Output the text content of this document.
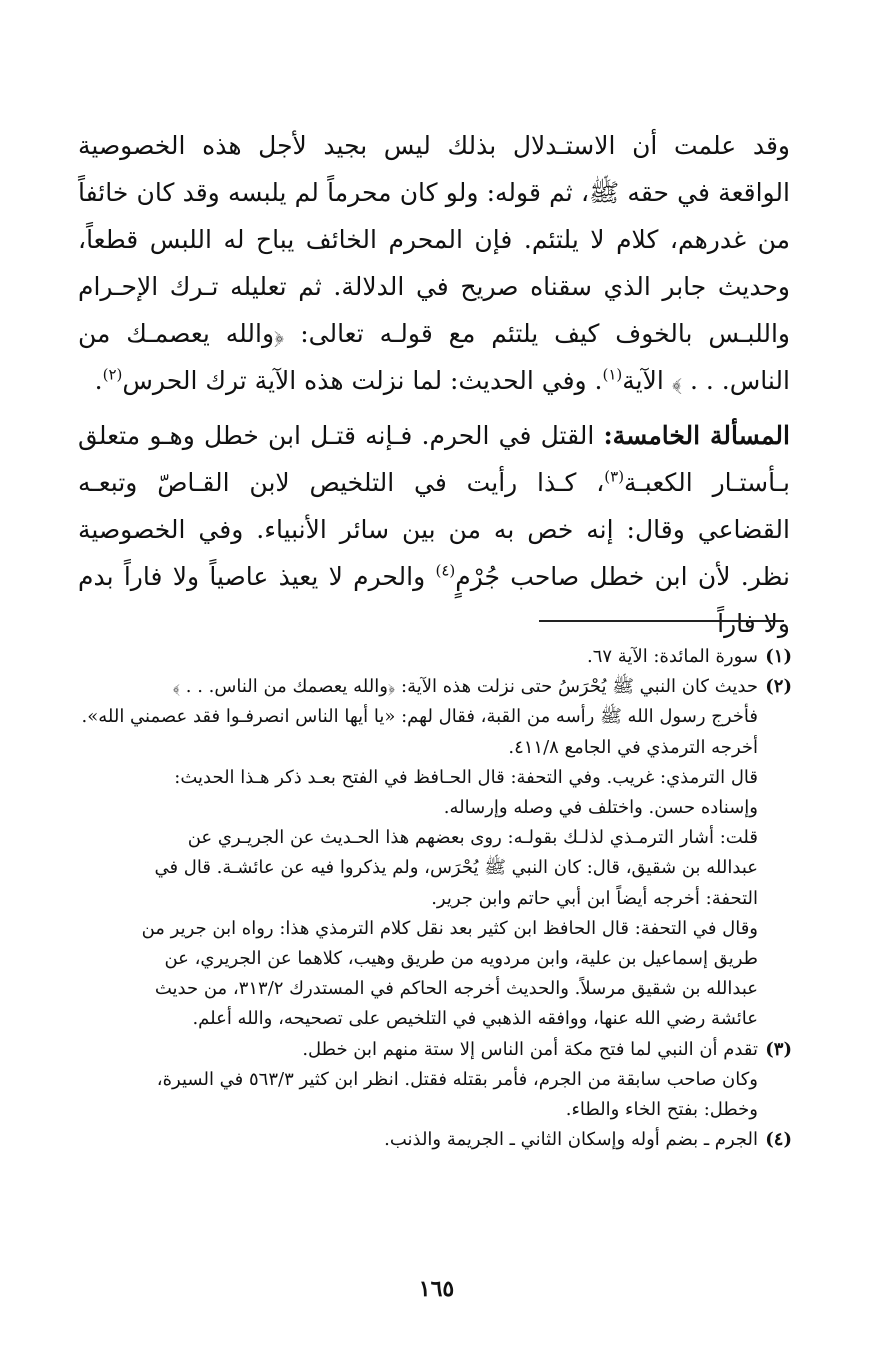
وقد علمت أن الاستـدلال بذلك ليس بجيد لأجل هذه الخصوصية الواقعة في حقه ﷺ، ثم قوله: ولو كان محرماً لم يلبسه وقد كان خائفاً من غدرهم، كلام لا يلتئم. فإن المحرم الخائف يباح له اللبس قطعاً، وحديث جابر الذي سقناه صريح في الدلالة. ثم تعليله تـرك الإحـرام واللبـس بالخوف كيف يلتئم مع قولـه تعالى: ﴿والله يعصمـك من الناس. . . ﴾ الآية$^{(١)}$. وفي الحديث: لما نزلت هذه الآية ترك الحرس$^{(٢)}$.

المسألة الخامسة: القتل في الحرم. فـإنه قتـل ابن خطل وهـو متعلق بـأستـار الكعبـة$^{(٣)}$، كـذا رأيت في التلخيص لابن القـاصّ وتبعـه القضاعي وقال: إنه خص به من بين سائر الأنبياء. وفي الخصوصية نظر. لأن ابن خطل صاحب جُرْمٍ$^{(٤)}$ والحرم لا يعيذ عاصياً ولا فاراً بدم ولا فاراً

(١)
سورة المائدة: الآية ٦٧.
(٢)
حديث كان النبي ﷺ يُحْرَسُ حتى نزلت هذه الآية: ﴿والله يعصمك من الناس. . . ﴾
فأخرج رسول الله ﷺ رأسه من القبة، فقال لهم: «يا أيها الناس انصرفـوا فقد عصمني الله».
أخرجه الترمذي في الجامع ٤١١/٨.
قال الترمذي: غريب. وفي التحفة: قال الحـافظ في الفتح بعـد ذكر هـذا الحديث:
وإسناده حسن. واختلف في وصله وإرساله.
قلت: أشار الترمـذي لذلـك بقولـه: روى بعضهم هذا الحـديث عن الجريـري عن
عبدالله بن شقيق، قال: كان النبي ﷺ يُحْرَس، ولم يذكروا فيه عن عائشـة. قال في
التحفة: أخرجه أيضاً ابن أبي حاتم وابن جرير.
وقال في التحفة: قال الحافظ ابن كثير بعد نقل كلام الترمذي هذا: رواه ابن جرير من
طريق إسماعيل بن علية، وابن مردويه من طريق وهيب، كلاهما عن الجريري، عن
عبدالله بن شقيق مرسلاً. والحديث أخرجه الحاكم في المستدرك ٣١٣/٢، من حديث
عائشة رضي الله عنها، ووافقه الذهبي في التلخيص على تصحيحه، والله أعلم.
(٣)
تقدم أن النبي لما فتح مكة أمن الناس إلا ستة منهم ابن خطل.
وكان صاحب سابقة من الجرم، فأمر بقتله فقتل. انظر ابن كثير ٥٦٣/٣ في السيرة،
وخطل: بفتح الخاء والطاء.
(٤)
الجرم ـ بضم أوله وإسكان الثاني ـ الجريمة والذنب.
١٦٥
